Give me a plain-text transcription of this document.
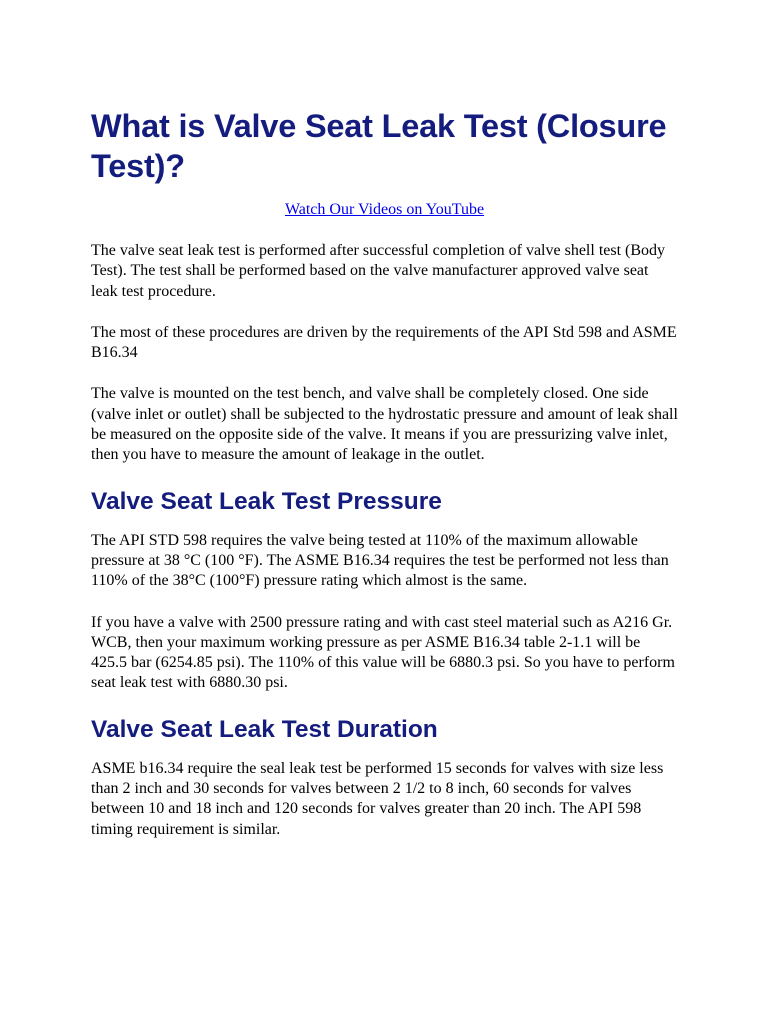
What is Valve Seat Leak Test (Closure Test)?
Watch Our Videos on YouTube

The valve seat leak test is performed after successful completion of valve shell test (Body Test). The test shall be performed based on the valve manufacturer approved valve seat leak test procedure.

The most of these procedures are driven by the requirements of the API Std 598 and ASME B16.34

The valve is mounted on the test bench, and valve shall be completely closed. One side (valve inlet or outlet) shall be subjected to the hydrostatic pressure and amount of leak shall be measured on the opposite side of the valve. It means if you are pressurizing valve inlet, then you have to measure the amount of leakage in the outlet.

Valve Seat Leak Test Pressure

The API STD 598 requires the valve being tested at 110% of the maximum allowable pressure at 38 °C (100 °F). The ASME B16.34 requires the test be performed not less than 110% of the 38°C (100°F) pressure rating which almost is the same.

If you have a valve with 2500 pressure rating and with cast steel material such as A216 Gr. WCB, then your maximum working pressure as per ASME B16.34 table 2-1.1 will be 425.5 bar (6254.85 psi). The 110% of this value will be 6880.3 psi. So you have to perform seat leak test with 6880.30 psi.

Valve Seat Leak Test Duration

ASME b16.34 require the seal leak test be performed 15 seconds for valves with size less than 2 inch and 30 seconds for valves between 2 1/2 to 8 inch, 60 seconds for valves between 10 and 18 inch and 120 seconds for valves greater than 20 inch. The API 598 timing requirement is similar.
